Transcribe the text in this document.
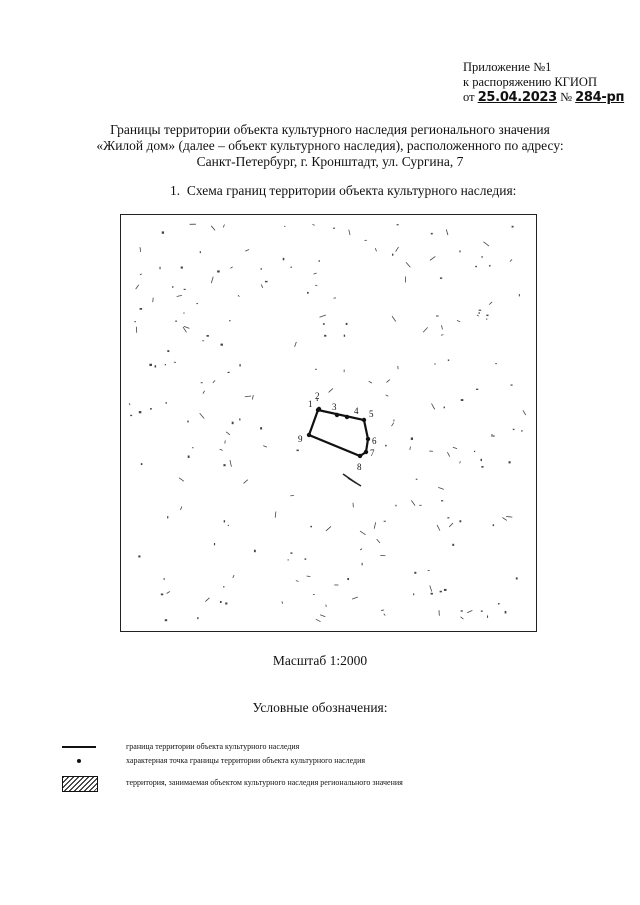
Приложение №1
к распоряжению КГИОП
от 25.04.2023 № 284-рп
Границы территории объекта культурного наследия регионального значения
«Жилой дом» (далее – объект культурного наследия), расположенного по адресу:
Санкт-Петербург, г. Кронштадт, ул. Сургина, 7
1. Схема границ территории объекта культурного наследия:
1
2
3 4 5
6
7
8
9
Масштаб 1:2000
Условные обозначения:
граница территории объекта культурного наследия
характерная точка границы территории объекта культурного наследия
территория, занимаемая объектом культурного наследия регионального значения
